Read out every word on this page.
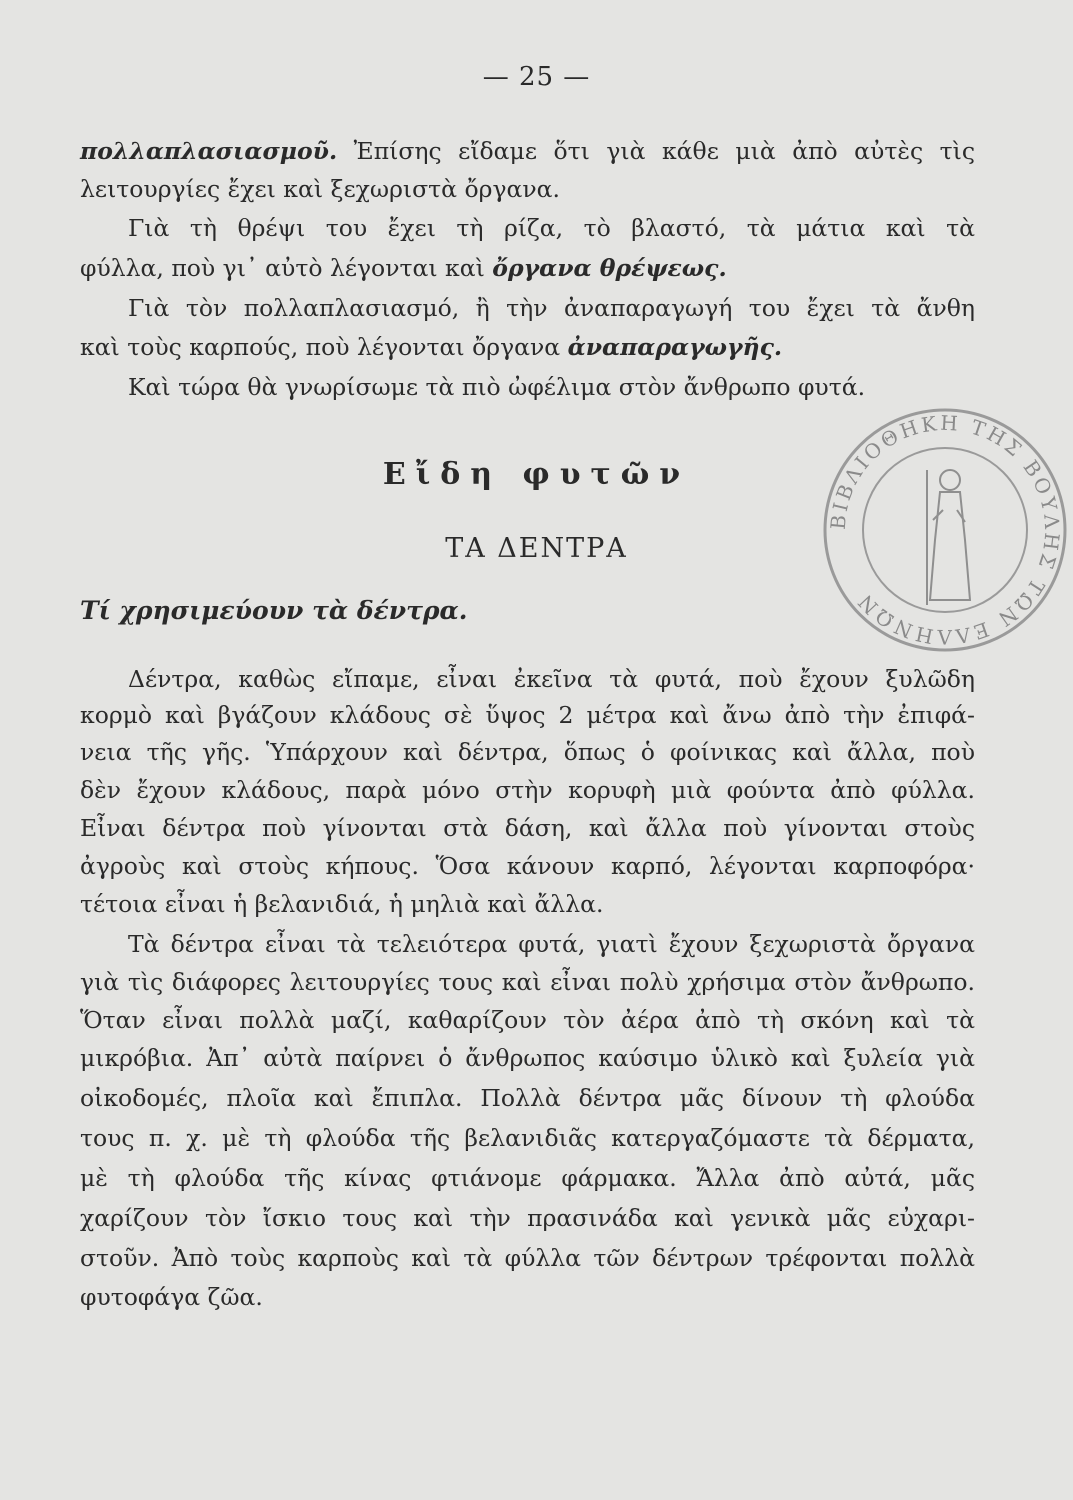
— 25 —
πολλαπλασιασμοῦ. Ἐπίσης εἴδαμε ὅτι γιὰ κάθε μιὰ ἀπὸ αὐτὲς τὶς
λειτουργίες ἔχει καὶ ξεχωριστὰ ὄργανα.
Γιὰ τὴ θρέψι του ἔχει τὴ ρίζα, τὸ βλαστό, τὰ μάτια καὶ τὰ
φύλλα, ποὺ γι᾽ αὐτὸ λέγονται καὶ ὄργανα θρέψεως.
Γιὰ τὸν πολλαπλασιασμό, ἢ τὴν ἀναπαραγωγή του ἔχει τὰ ἄνθη
καὶ τοὺς καρπούς, ποὺ λέγονται ὄργανα ἀναπαραγωγῆς.
Καὶ τώρα θὰ γνωρίσωμε τὰ πιὸ ὠφέλιμα στὸν ἄνθρωπο φυτά.
Εἴδη φυτῶν
ΤΑ ΔΕΝΤΡΑ
Τί χρησιμεύουν τὰ δέντρα.
Δέντρα, καθὼς εἴπαμε, εἶναι ἐκεῖνα τὰ φυτά, ποὺ ἔχουν ξυλῶδη
κορμὸ καὶ βγάζουν κλάδους σὲ ὕψος 2 μέτρα καὶ ἄνω ἀπὸ τὴν ἐπιφά-
νεια τῆς γῆς. Ὑπάρχουν καὶ δέντρα, ὅπως ὁ φοίνικας καὶ ἄλλα, ποὺ
δὲν ἔχουν κλάδους, παρὰ μόνο στὴν κορυφὴ μιὰ φούντα ἀπὸ φύλλα.
Εἶναι δέντρα ποὺ γίνονται στὰ δάση, καὶ ἄλλα ποὺ γίνονται στοὺς
ἀγροὺς καὶ στοὺς κήπους. Ὅσα κάνουν καρπό, λέγονται καρποφόρα·
τέτοια εἶναι ἡ βελανιδιά, ἡ μηλιὰ καὶ ἄλλα.
Τὰ δέντρα εἶναι τὰ τελειότερα φυτά, γιατὶ ἔχουν ξεχωριστὰ ὄργανα
γιὰ τὶς διάφορες λειτουργίες τους καὶ εἶναι πολὺ χρήσιμα στὸν ἄνθρωπο.
Ὅταν εἶναι πολλὰ μαζί, καθαρίζουν τὸν ἀέρα ἀπὸ τὴ σκόνη καὶ τὰ
μικρόβια. Ἀπ᾽ αὐτὰ παίρνει ὁ ἄνθρωπος καύσιμο ὑλικὸ καὶ ξυλεία γιὰ
οἰκοδομές, πλοῖα καὶ ἔπιπλα. Πολλὰ δέντρα μᾶς δίνουν τὴ φλούδα
τους π. χ. μὲ τὴ φλούδα τῆς βελανιδιᾶς κατεργαζόμαστε τὰ δέρματα,
μὲ τὴ φλούδα τῆς κίνας φτιάνομε φάρμακα. Ἄλλα ἀπὸ αὐτά, μᾶς
χαρίζουν τὸν ἴσκιο τους καὶ τὴν πρασινάδα καὶ γενικὰ μᾶς εὐχαρι-
στοῦν. Ἀπὸ τοὺς καρποὺς καὶ τὰ φύλλα τῶν δέντρων τρέφονται πολλὰ
φυτοφάγα ζῶα.
ΒΙΒΛΙΟΘΗΚΗ ΤΗΣ ΒΟΥΛΗΣ ΤΩΝ ΕΛΛΗΝΩΝ
